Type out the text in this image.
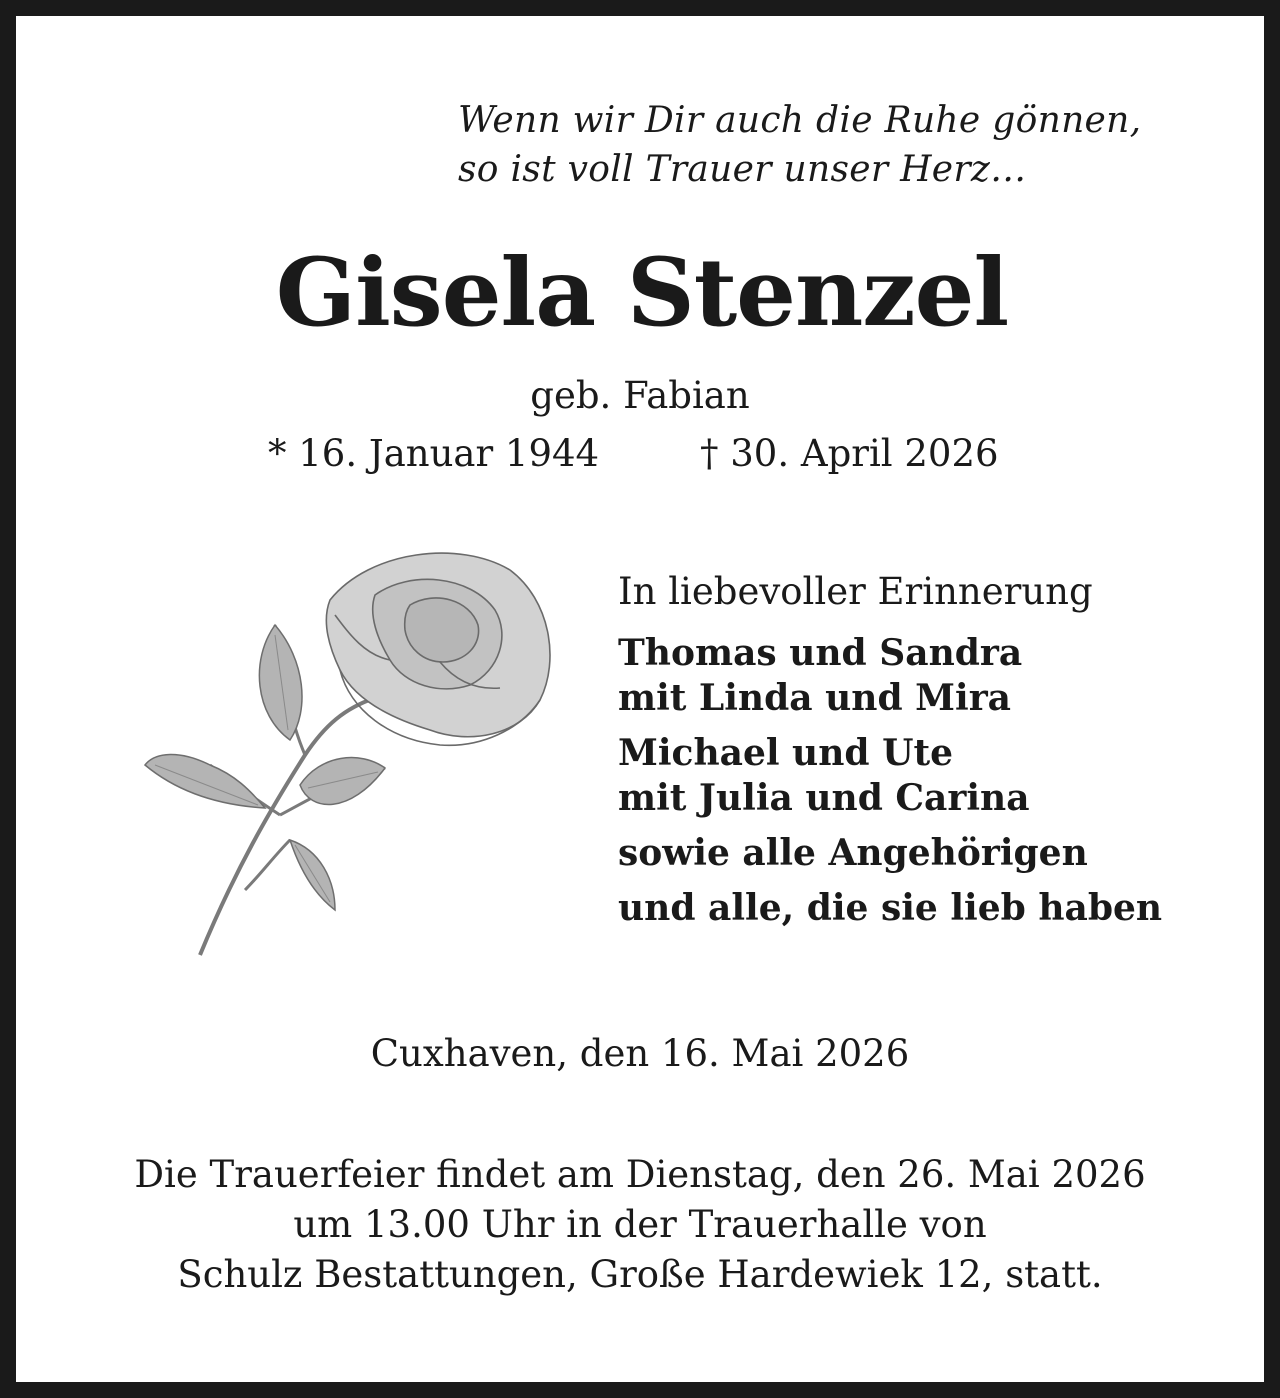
Wenn wir Dir auch die Ruhe gönnen,
so ist voll Trauer unser Herz…
Gisela Stenzel
geb. Fabian
* 16. Januar 1944	† 30. April 2026
In liebevoller Erinnerung
Thomas und Sandra
mit Linda und Mira
Michael und Ute
mit Julia und Carina
sowie alle Angehörigen
und alle, die sie lieb haben
Cuxhaven, den 16. Mai 2026
Die Trauerfeier findet am Dienstag, den 26. Mai 2026
um 13.00 Uhr in der Trauerhalle von
Schulz Bestattungen, Große Hardewiek 12, statt.
